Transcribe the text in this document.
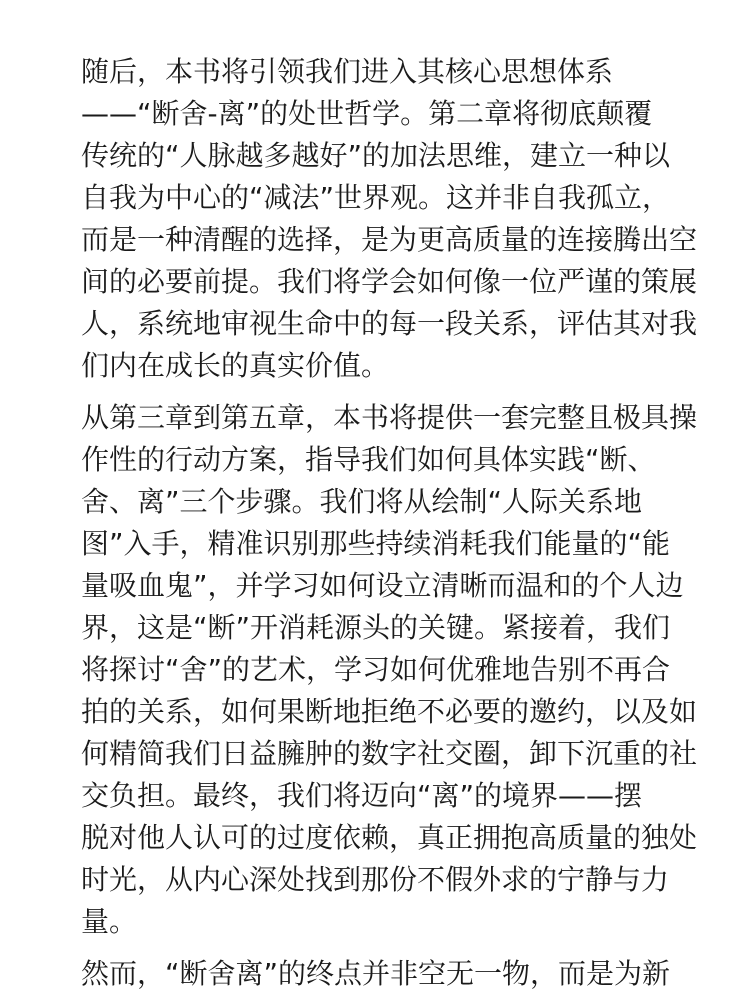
随后，本书将引领我们进入其核心思想体系
——“断舍-离”的处世哲学。第二章将彻底颠覆
传统的“人脉越多越好”的加法思维，建立一种以
自我为中心的“减法”世界观。这并非自我孤立，
而是一种清醒的选择，是为更高质量的连接腾出空
间的必要前提。我们将学会如何像一位严谨的策展
人，系统地审视生命中的每一段关系，评估其对我
们内在成长的真实价值。
从第三章到第五章，本书将提供一套完整且极具操
作性的行动方案，指导我们如何具体实践“断、
舍、离”三个步骤。我们将从绘制“人际关系地
图”入手，精准识别那些持续消耗我们能量的“能
量吸血鬼”，并学习如何设立清晰而温和的个人边
界，这是“断”开消耗源头的关键。紧接着，我们
将探讨“舍”的艺术，学习如何优雅地告别不再合
拍的关系，如何果断地拒绝不必要的邀约，以及如
何精简我们日益臃肿的数字社交圈，卸下沉重的社
交负担。最终，我们将迈向“离”的境界——摆
脱对他人认可的过度依赖，真正拥抱高质量的独处
时光，从内心深处找到那份不假外求的宁静与力
量。
然而，“断舍离”的终点并非空无一物，而是为新
